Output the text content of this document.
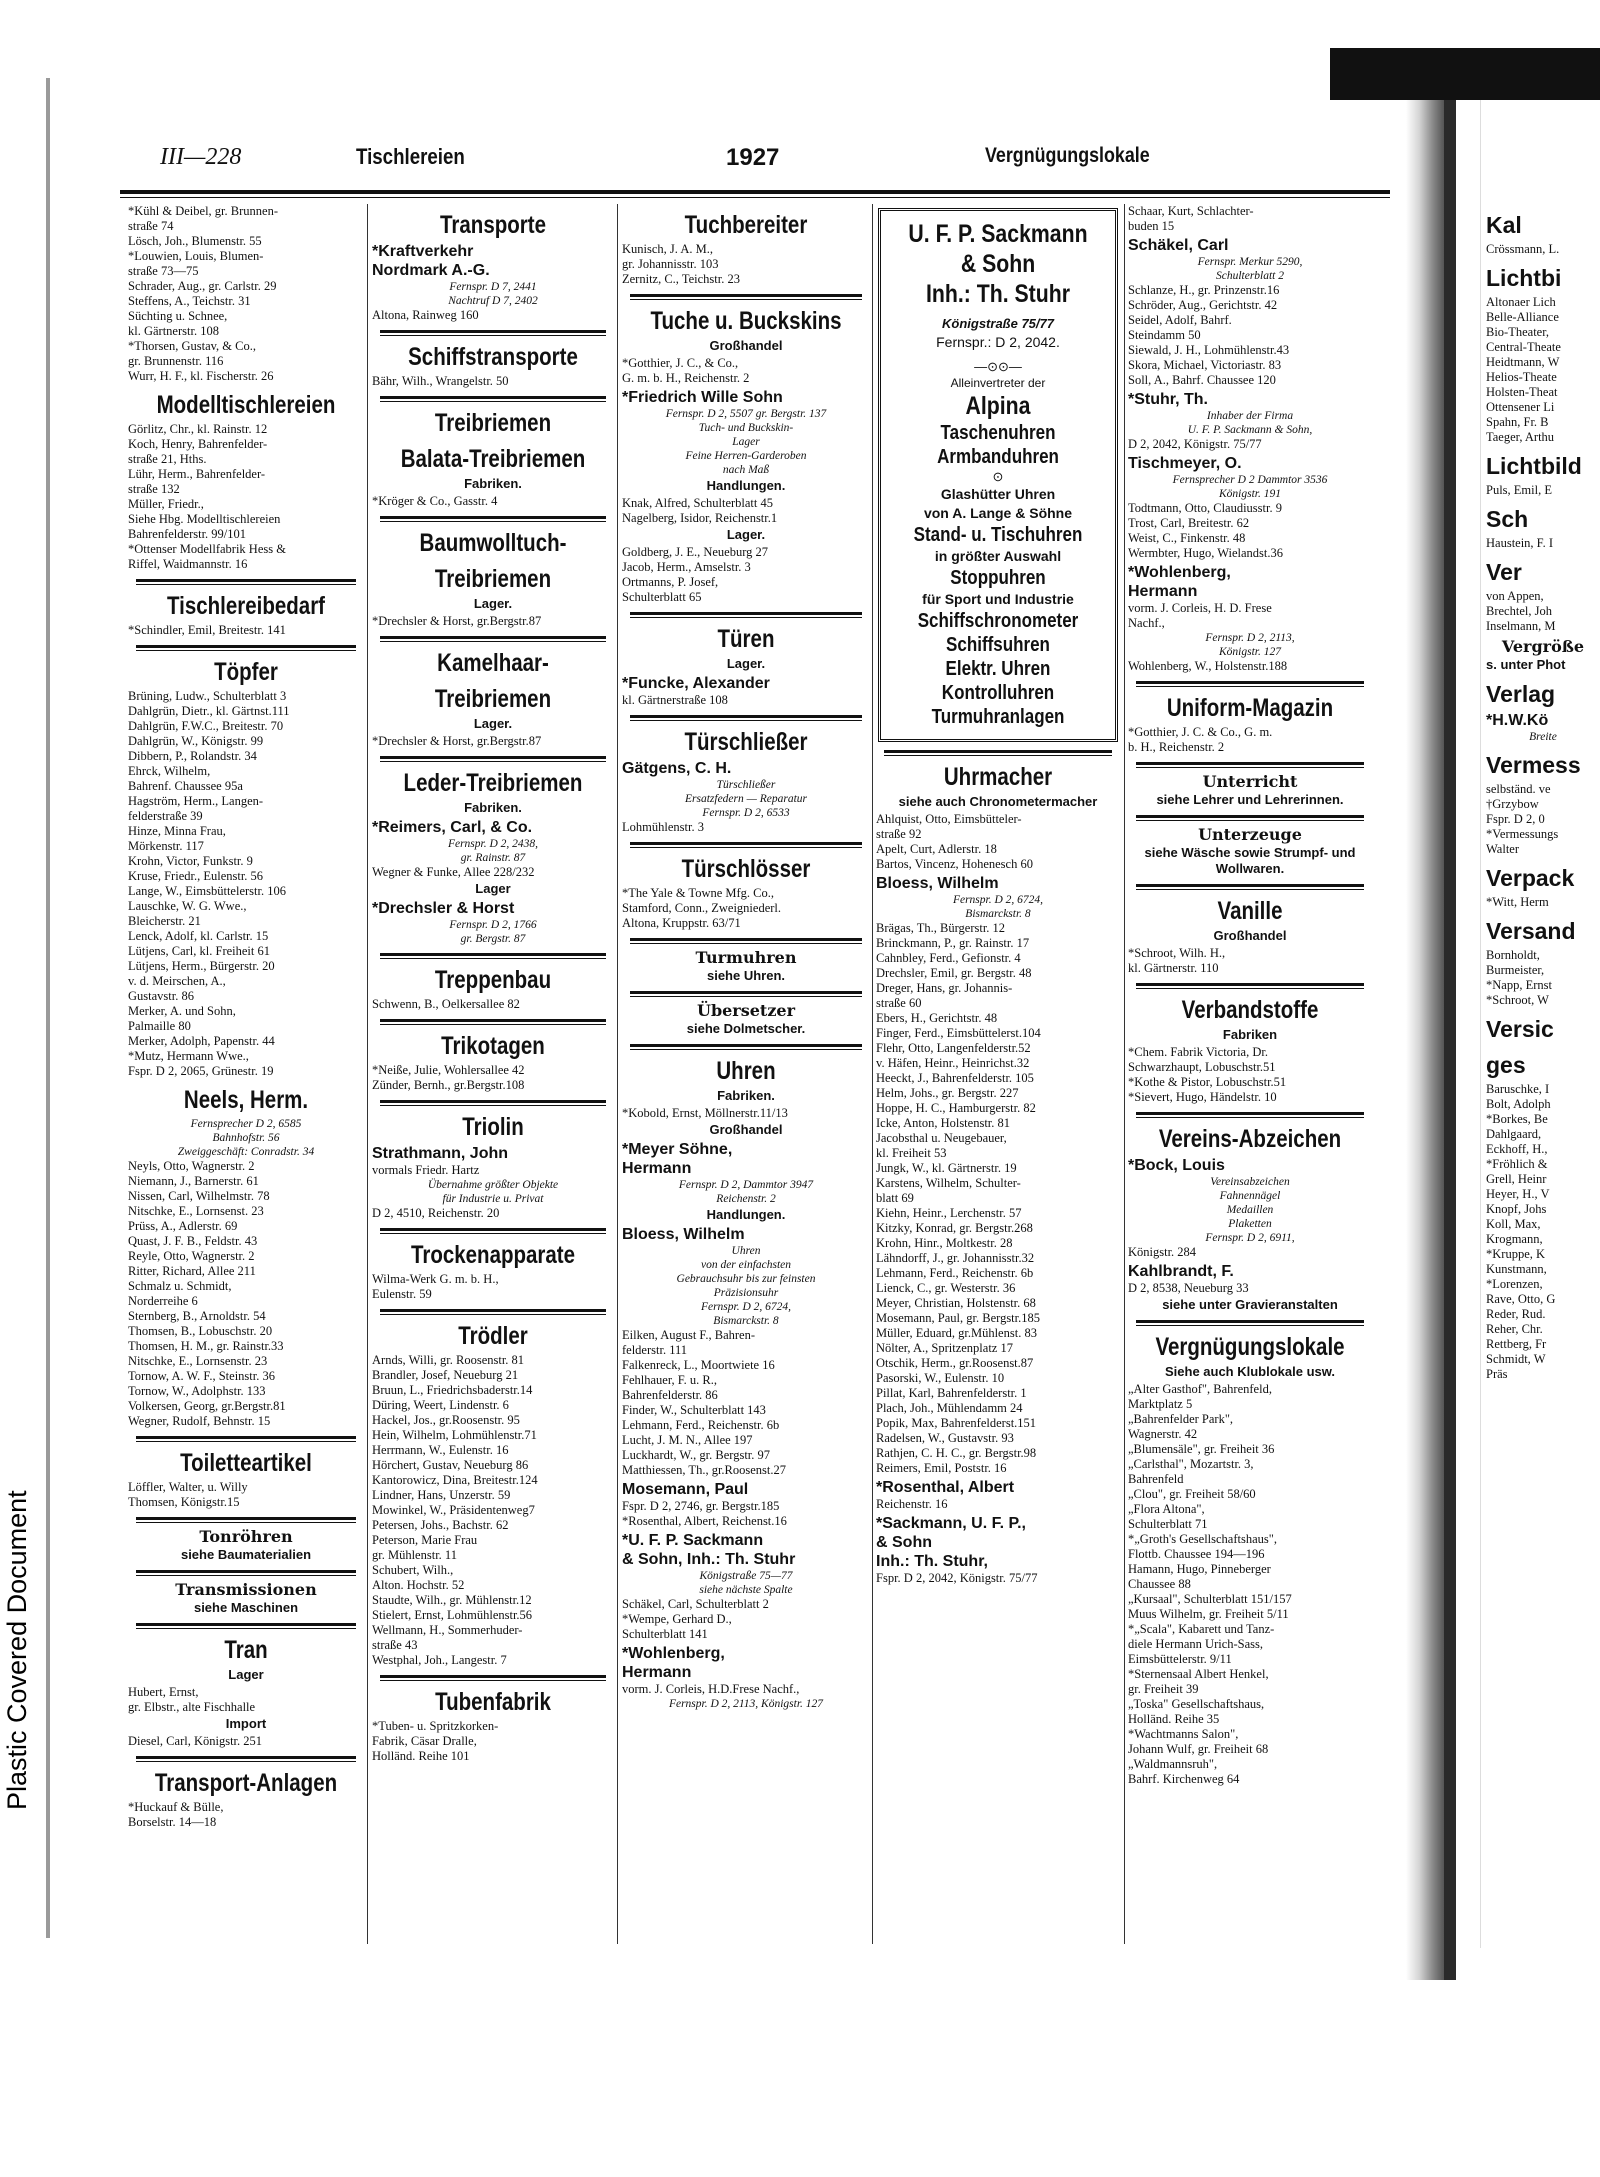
Plastic Covered Document
III—228	Tischlereien	1927	Vergnügungslokale
*Kühl & Deibel, gr. Brunnen-
straße 74
Lösch, Joh., Blumenstr. 55
*Louwien, Louis, Blumen-
straße 73—75
Schrader, Aug., gr. Carlstr. 29
Steffens, A., Teichstr. 31
Süchting u. Schnee,
kl. Gärtnerstr. 108
*Thorsen, Gustav, & Co.,
gr. Brunnenstr. 116
Wurr, H. F., kl. Fischerstr. 26
Modelltischlereien
Görlitz, Chr., kl. Rainstr. 12
Koch, Henry, Bahrenfelder-
straße 21, Hths.
Lühr, Herm., Bahrenfelder-
straße 132
Müller, Friedr.,
Siehe Hbg. Modelltischlereien
Bahrenfelderstr. 99/101
*Ottenser Modellfabrik Hess &
Riffel, Waidmannstr. 16
Tischlereibedarf
*Schindler, Emil, Breitestr. 141
Töpfer
Brüning, Ludw., Schulterblatt 3
Dahlgrün, Dietr., kl. Gärtnst.111
Dahlgrün, F.W.C., Breitestr. 70
Dahlgrün, W., Königstr. 99
Dibbern, P., Rolandstr. 34
Ehrck, Wilhelm,
Bahrenf. Chaussee 95a
Hagström, Herm., Langen-
felderstraße 39
Hinze, Minna Frau,
Mörkenstr. 117
Krohn, Victor, Funkstr. 9
Kruse, Friedr., Eulenstr. 56
Lange, W., Eimsbüttelerstr. 106
Lauschke, W. G. Wwe.,
Bleicherstr. 21
Lenck, Adolf, kl. Carlstr. 15
Lütjens, Carl, kl. Freiheit 61
Lütjens, Herm., Bürgerstr. 20
v. d. Meirschen, A.,
Gustavstr. 86
Merker, A. und Sohn,
Palmaille 80
Merker, Adolph, Papenstr. 44
*Mutz, Hermann Wwe.,
Fspr. D 2, 2065, Grünestr. 19
Neels, Herm.
Fernsprecher D 2, 6585
Bahnhofstr. 56
Zweiggeschäft: Conradstr. 34
Neyls, Otto, Wagnerstr. 2
Niemann, J., Barnerstr. 61
Nissen, Carl, Wilhelmstr. 78
Nitschke, E., Lornsenst. 23
Prüss, A., Adlerstr. 69
Quast, J. F. B., Feldstr. 43
Reyle, Otto, Wagnerstr. 2
Ritter, Richard, Allee 211
Schmalz u. Schmidt,
Norderreihe 6
Sternberg, B., Arnoldstr. 54
Thomsen, B., Lobuschstr. 20
Thomsen, H. M., gr. Rainstr.33
Nitschke, E., Lornsenstr. 23
Tornow, A. W. F., Steinstr. 36
Tornow, W., Adolphstr. 133
Volkersen, Georg, gr.Bergstr.81
Wegner, Rudolf, Behnstr. 15
Toiletteartikel
Löffler, Walter, u. Willy
Thomsen, Königstr.15
Tonröhren
siehe Baumaterialien
Transmissionen
siehe Maschinen
Tran
Lager
Hubert, Ernst,
gr. Elbstr., alte Fischhalle
Import
Diesel, Carl, Königstr. 251
Transport-Anlagen
*Huckauf & Bülle,
Borselstr. 14—18
Transporte
*Kraftverkehr
Nordmark A.-G.
Fernspr. D 7, 2441
Nachtruf D 7, 2402
Altona, Rainweg 160
Schiffstransporte
Bähr, Wilh., Wrangelstr. 50
Treibriemen
Balata-Treibriemen
Fabriken.
*Kröger & Co., Gasstr. 4
Baumwolltuch-
Treibriemen
Lager.
*Drechsler & Horst, gr.Bergstr.87
Kamelhaar-
Treibriemen
Lager.
*Drechsler & Horst, gr.Bergstr.87
Leder-Treibriemen
Fabriken.
*Reimers, Carl, & Co.
Fernspr. D 2, 2438,
gr. Rainstr. 87
Wegner & Funke, Allee 228/232
Lager
*Drechsler & Horst
Fernspr. D 2, 1766
gr. Bergstr. 87
Treppenbau
Schwenn, B., Oelkersallee 82
Trikotagen
*Neiße, Julie, Wohlersallee 42
Zünder, Bernh., gr.Bergstr.108
Triolin
Strathmann, John
vormals Friedr. Hartz
Übernahme größter Objekte
für Industrie u. Privat
D 2, 4510, Reichenstr. 20
Trockenapparate
Wilma-Werk G. m. b. H.,
Eulenstr. 59
Trödler
Arnds, Willi, gr. Roosenstr. 81
Brandler, Josef, Neueburg 21
Bruun, L., Friedrichsbaderstr.14
Düring, Weert, Lindenstr. 6
Hackel, Jos., gr.Roosenstr. 95
Hein, Wilhelm, Lohmühlenstr.71
Herrmann, W., Eulenstr. 16
Hörchert, Gustav, Neueburg 86
Kantorowicz, Dina, Breitestr.124
Lindner, Hans, Unzerstr. 59
Mowinkel, W., Präsidentenweg7
Petersen, Johs., Bachstr. 62
Peterson, Marie Frau
gr. Mühlenstr. 11
Schubert, Wilh.,
Alton. Hochstr. 52
Staudte, Wilh., gr. Mühlenstr.12
Stielert, Ernst, Lohmühlenstr.56
Wellmann, H., Sommerhuder-
straße 43
Westphal, Joh., Langestr. 7
Tubenfabrik
*Tuben- u. Spritzkorken-
Fabrik, Cäsar Dralle,
Holländ. Reihe 101
Tuchbereiter
Kunisch, J. A. M.,
gr. Johannisstr. 103
Zernitz, C., Teichstr. 23
Tuche u. Buckskins
Großhandel
*Gotthier, J. C., & Co.,
G. m. b. H., Reichenstr. 2
*Friedrich Wille Sohn
Fernspr. D 2, 5507 gr. Bergstr. 137
Tuch- und Buckskin-
Lager
Feine Herren-Garderoben
nach Maß
Handlungen.
Knak, Alfred, Schulterblatt 45
Nagelberg, Isidor, Reichenstr.1
Lager.
Goldberg, J. E., Neueburg 27
Jacob, Herm., Amselstr. 3
Ortmanns, P. Josef,
Schulterblatt 65
Türen
Lager.
*Funcke, Alexander
kl. Gärtnerstraße 108
Türschließer
Gätgens, C. H.
Türschließer
Ersatzfedern — Reparatur
Fernspr. D 2, 6533
Lohmühlenstr. 3
Türschlösser
*The Yale & Towne Mfg. Co.,
Stamford, Conn., Zweigniederl.
Altona, Kruppstr. 63/71
Turmuhren
siehe Uhren.
Übersetzer
siehe Dolmetscher.
Uhren
Fabriken.
*Kobold, Ernst, Möllnerstr.11/13
Großhandel
*Meyer Söhne,
Hermann
Fernspr. D 2, Dammtor 3947
Reichenstr. 2
Handlungen.
Bloess, Wilhelm
Uhren
von der einfachsten
Gebrauchsuhr bis zur feinsten
Präzisionsuhr
Fernspr. D 2, 6724,
Bismarckstr. 8
Eilken, August F., Bahren-
felderstr. 111
Falkenreck, L., Moortwiete 16
Fehlhauer, F. u. R.,
Bahrenfelderstr. 86
Finder, W., Schulterblatt 143
Lehmann, Ferd., Reichenstr. 6b
Lucht, J. M. N., Allee 197
Luckhardt, W., gr. Bergstr. 97
Matthiessen, Th., gr.Roosenst.27
Mosemann, Paul
Fspr. D 2, 2746, gr. Bergstr.185
*Rosenthal, Albert, Reichenst.16
*U. F. P. Sackmann
& Sohn, Inh.: Th. Stuhr
Königstraße 75—77
siehe nächste Spalte
Schäkel, Carl, Schulterblatt 2
*Wempe, Gerhard D.,
Schulterblatt 141
*Wohlenberg,
Hermann
vorm. J. Corleis, H.D.Frese Nachf.,
Fernspr. D 2, 2113, Königstr. 127
U. F. P. Sackmann
& Sohn
Inh.: Th. Stuhr
Königstraße 75/77
Fernspr.: D 2, 2042.
—⊙⊙—
Alleinvertreter der
Alpina
Taschenuhren
Armbanduhren
⊙
Glashütter Uhren
von A. Lange & Söhne
Stand- u. Tischuhren
in größter Auswahl
Stoppuhren
für Sport und Industrie
Schiffschronometer
Schiffsuhren
Elektr. Uhren
Kontrolluhren
Turmuhranlagen
Uhrmacher
siehe auch Chronometermacher
Ahlquist, Otto, Eimsbütteler-
straße 92
Apelt, Curt, Adlerstr. 18
Bartos, Vincenz, Hohenesch 60
Bloess, Wilhelm
Fernspr. D 2, 6724,
Bismarckstr. 8
Brägas, Th., Bürgerstr. 12
Brinckmann, P., gr. Rainstr. 17
Cahnbley, Ferd., Gefionstr. 4
Drechsler, Emil, gr. Bergstr. 48
Dreger, Hans, gr. Johannis-
straße 60
Ebers, H., Gerichtstr. 48
Finger, Ferd., Eimsbüttelerst.104
Flehr, Otto, Langenfelderstr.52
v. Häfen, Heinr., Heinrichst.32
Heeckt, J., Bahrenfelderstr. 105
Helm, Johs., gr. Bergstr. 227
Hoppe, H. C., Hamburgerstr. 82
Icke, Anton, Holstenstr. 81
Jacobsthal u. Neugebauer,
kl. Freiheit 53
Jungk, W., kl. Gärtnerstr. 19
Karstens, Wilhelm, Schulter-
blatt 69
Kiehn, Heinr., Lerchenstr. 57
Kitzky, Konrad, gr. Bergstr.268
Krohn, Hinr., Moltkestr. 28
Lähndorff, J., gr. Johannisstr.32
Lehmann, Ferd., Reichenstr. 6b
Lienck, C., gr. Westerstr. 36
Meyer, Christian, Holstenstr. 68
Mosemann, Paul, gr. Bergstr.185
Müller, Eduard, gr.Mühlenst. 83
Nölter, A., Spritzenplatz 17
Otschik, Herm., gr.Roosenst.87
Pasorski, W., Eulenstr. 10
Pillat, Karl, Bahrenfelderstr. 1
Plach, Joh., Mühlendamm 24
Popik, Max, Bahrenfelderst.151
Radelsen, W., Gustavstr. 93
Rathjen, C. H. C., gr. Bergstr.98
Reimers, Emil, Poststr. 16
*Rosenthal, Albert
Reichenstr. 16
*Sackmann, U. F. P.,
& Sohn
Inh.: Th. Stuhr,
Fspr. D 2, 2042, Königstr. 75/77
Schaar, Kurt, Schlachter-
buden 15
Schäkel, Carl
Fernspr. Merkur 5290,
Schulterblatt 2
Schlanze, H., gr. Prinzenstr.16
Schröder, Aug., Gerichtstr. 42
Seidel, Adolf, Bahrf.
Steindamm 50
Siewald, J. H., Lohmühlenstr.43
Skora, Michael, Victoriastr. 83
Soll, A., Bahrf. Chaussee 120
*Stuhr, Th.
Inhaber der Firma
U. F. P. Sackmann & Sohn,
D 2, 2042, Königstr. 75/77
Tischmeyer, O.
Fernsprecher D 2 Dammtor 3536
Königstr. 191
Todtmann, Otto, Claudiusstr. 9
Trost, Carl, Breitestr. 62
Weist, C., Finkenstr. 48
Wermbter, Hugo, Wielandst.36
*Wohlenberg,
Hermann
vorm. J. Corleis, H. D. Frese
Nachf.,
Fernspr. D 2, 2113,
Königstr. 127
Wohlenberg, W., Holstenstr.188
Uniform-Magazin
*Gotthier, J. C. & Co., G. m.
b. H., Reichenstr. 2
Unterricht
siehe Lehrer und Lehrerinnen.
Unterzeuge
siehe Wäsche sowie Strumpf- und Wollwaren.
Vanille
Großhandel
*Schroot, Wilh. H.,
kl. Gärtnerstr. 110
Verbandstoffe
Fabriken
*Chem. Fabrik Victoria, Dr.
Schwarzhaupt, Lobuschstr.51
*Kothe & Pistor, Lobuschstr.51
*Sievert, Hugo, Händelstr. 10
Vereins-Abzeichen
*Bock, Louis
Vereinsabzeichen
Fahnennägel
Medaillen
Plaketten
Fernspr. D 2, 6911,
Königstr. 284
Kahlbrandt, F.
D 2, 8538, Neueburg 33
siehe unter Gravieranstalten
Vergnügungslokale
Siehe auch Klublokale usw.
„Alter Gasthof", Bahrenfeld,
Marktplatz 5
„Bahrenfelder Park",
Wagnerstr. 42
„Blumensäle", gr. Freiheit 36
„Carlsthal", Mozartstr. 3,
Bahrenfeld
„Clou", gr. Freiheit 58/60
„Flora Altona",
Schulterblatt 71
*„Groth's Gesellschaftshaus",
Flottb. Chaussee 194—196
Hamann, Hugo, Pinneberger
Chaussee 88
„Kursaal", Schulterblatt 151/157
Muus Wilhelm, gr. Freiheit 5/11
*„Scala", Kabarett und Tanz-
diele Hermann Urich-Sass,
Eimsbüttelerstr. 9/11
*Sternensaal Albert Henkel,
gr. Freiheit 39
„Toska" Gesellschaftshaus,
Holländ. Reihe 35
*Wachtmanns Salon",
Johann Wulf, gr. Freiheit 68
„Waldmannsruh",
Bahrf. Kirchenweg 64
Kal
Crössmann, L.
Lichtbi
Altonaer Lich
Belle-Alliance
Bio-Theater,
Central-Theate
Heidtmann, W
Helios-Theate
Holsten-Theat
Ottensener Li
Spahn, Fr. B
Taeger, Arthu
Lichtbild
Puls, Emil, E
Sch
Haustein, F. I
Ver
von Appen,
Brechtel, Joh
Inselmann, M
Vergröße
s. unter Phot
Verlag
*H.W.Kö
Breite
Vermess
selbständ. ve
†Grzybow
Fspr. D 2, 0
*Vermessungs
Walter
Verpack
*Witt, Herm
Versand
Bornholdt,
Burmeister,
*Napp, Ernst
*Schroot, W
Versic
ges
Baruschke, I
Bolt, Adolph
*Borkes, Be
Dahlgaard,
Eckhoff, H.,
*Fröhlich &
Grell, Heinr
Heyer, H., V
Knopf, Johs
Koll, Max,
Krogmann,
*Kruppe, K
Kunstmann,
*Lorenzen,
Rave, Otto, G
Reder, Rud.
Reher, Chr.
Rettberg, Fr
Schmidt, W
Präs
